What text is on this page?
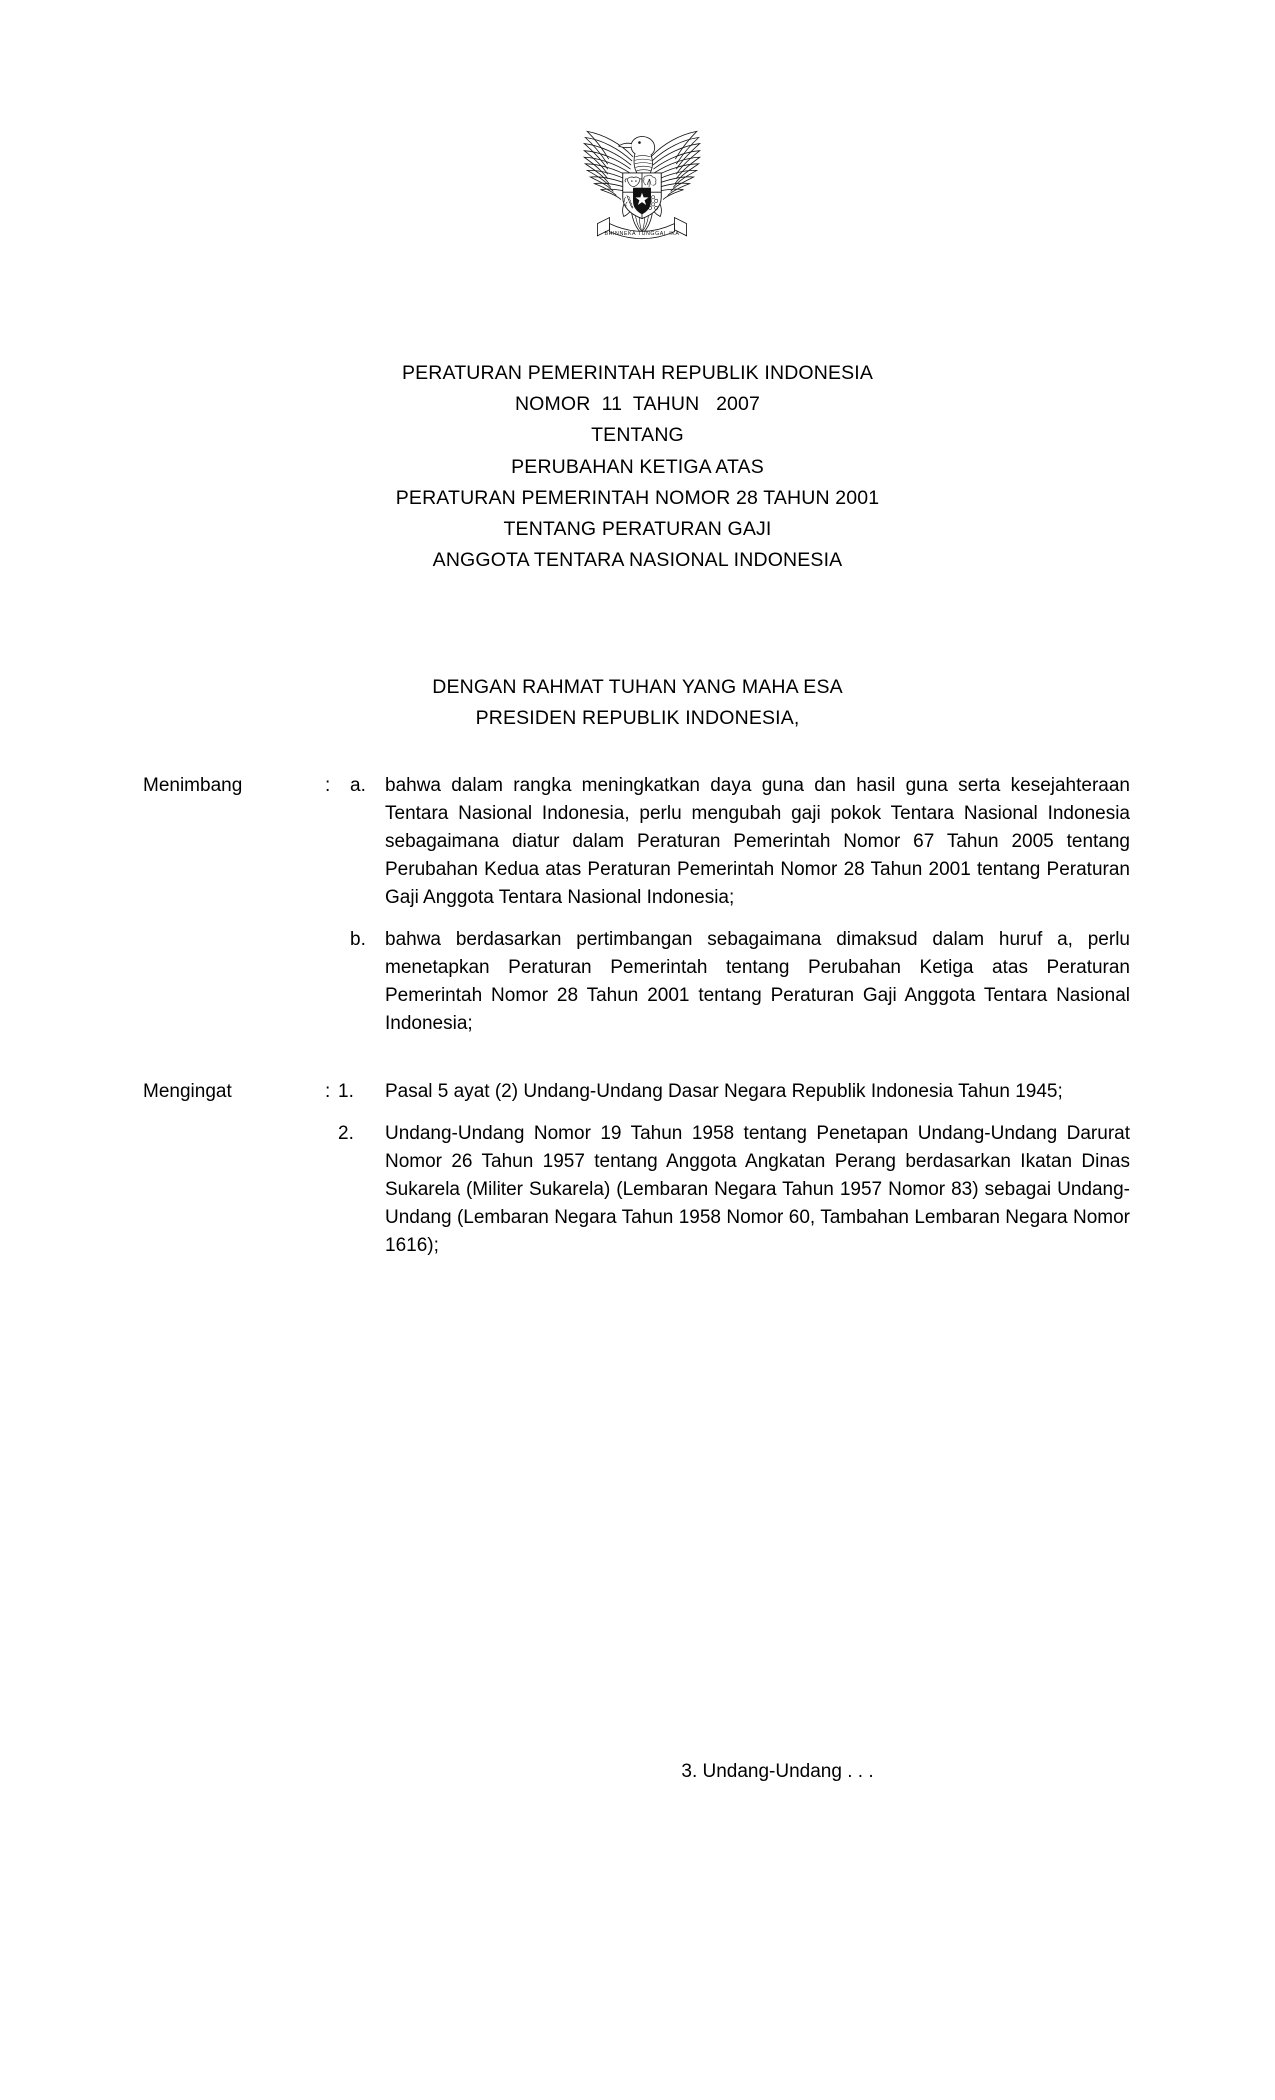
BHINNEKA TUNGGAL IKA
PERATURAN PEMERINTAH REPUBLIK INDONESIA
NOMOR  11  TAHUN   2007
TENTANG
PERUBAHAN KETIGA ATAS
PERATURAN PEMERINTAH NOMOR 28 TAHUN 2001
TENTANG PERATURAN GAJI
ANGGOTA TENTARA NASIONAL INDONESIA
DENGAN RAHMAT TUHAN YANG MAHA ESA
PRESIDEN REPUBLIK INDONESIA,
Menimbang	: a. bahwa dalam rangka meningkatkan daya guna dan hasil guna serta kesejahteraan Tentara Nasional Indonesia, perlu mengubah gaji pokok Tentara Nasional Indonesia sebagaimana diatur dalam Peraturan Pemerintah Nomor 67 Tahun 2005 tentang Perubahan Kedua atas Peraturan Pemerintah Nomor 28 Tahun 2001 tentang Peraturan Gaji Anggota Tentara Nasional Indonesia;
b. bahwa berdasarkan pertimbangan sebagaimana dimaksud dalam huruf a, perlu menetapkan Peraturan Pemerintah tentang Perubahan Ketiga atas Peraturan Pemerintah Nomor 28 Tahun 2001 tentang Peraturan Gaji Anggota Tentara Nasional Indonesia;
Mengingat	: 1. Pasal 5 ayat (2) Undang-Undang Dasar Negara Republik Indonesia Tahun 1945;
2. Undang-Undang Nomor 19 Tahun 1958 tentang Penetapan Undang-Undang Darurat Nomor 26 Tahun 1957 tentang Anggota Angkatan Perang berdasarkan Ikatan Dinas Sukarela (Militer Sukarela) (Lembaran Negara Tahun 1957 Nomor 83) sebagai Undang-Undang (Lembaran Negara Tahun 1958 Nomor 60, Tambahan Lembaran Negara Nomor 1616);
3. Undang-Undang . . .
